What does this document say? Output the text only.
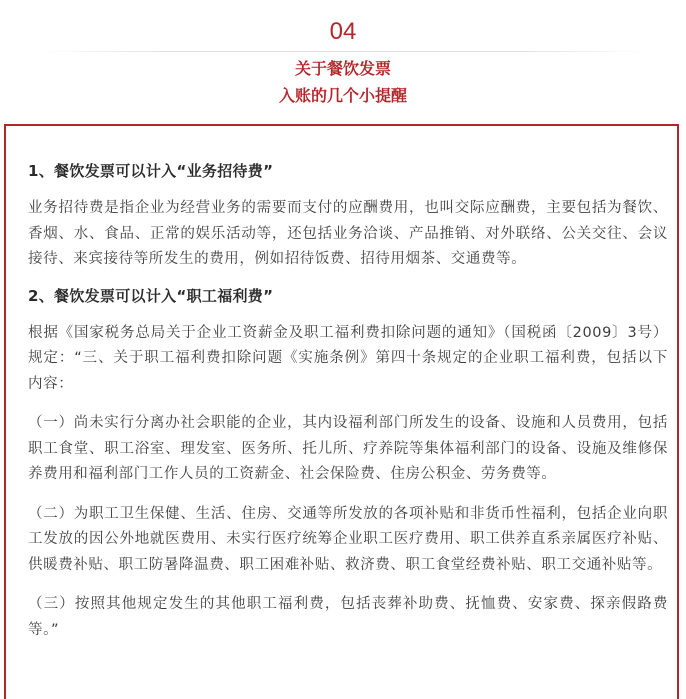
04
关于餐饮发票
入账的几个小提醒

1、餐饮发票可以计入“业务招待费”

业务招待费是指企业为经营业务的需要而支付的应酬费用，也叫交际应酬费，主要包括为餐饮、香烟、水、食品、正常的娱乐活动等，还包括业务洽谈、产品推销、对外联络、公关交往、会议接待、来宾接待等所发生的费用，例如招待饭费、招待用烟茶、交通费等。

2、餐饮发票可以计入“职工福利费”

根据《国家税务总局关于企业工资薪金及职工福利费扣除问题的通知》（国税函〔2009〕3号）规定：“三、关于职工福利费扣除问题《实施条例》第四十条规定的企业职工福利费，包括以下内容：

（一）尚未实行分离办社会职能的企业，其内设福利部门所发生的设备、设施和人员费用，包括职工食堂、职工浴室、理发室、医务所、托儿所、疗养院等集体福利部门的设备、设施及维修保养费用和福利部门工作人员的工资薪金、社会保险费、住房公积金、劳务费等。

（二）为职工卫生保健、生活、住房、交通等所发放的各项补贴和非货币性福利，包括企业向职工发放的因公外地就医费用、未实行医疗统筹企业职工医疗费用、职工供养直系亲属医疗补贴、供暖费补贴、职工防暑降温费、职工困难补贴、救济费、职工食堂经费补贴、职工交通补贴等。

（三）按照其他规定发生的其他职工福利费，包括丧葬补助费、抚恤费、安家费、探亲假路费等。”
